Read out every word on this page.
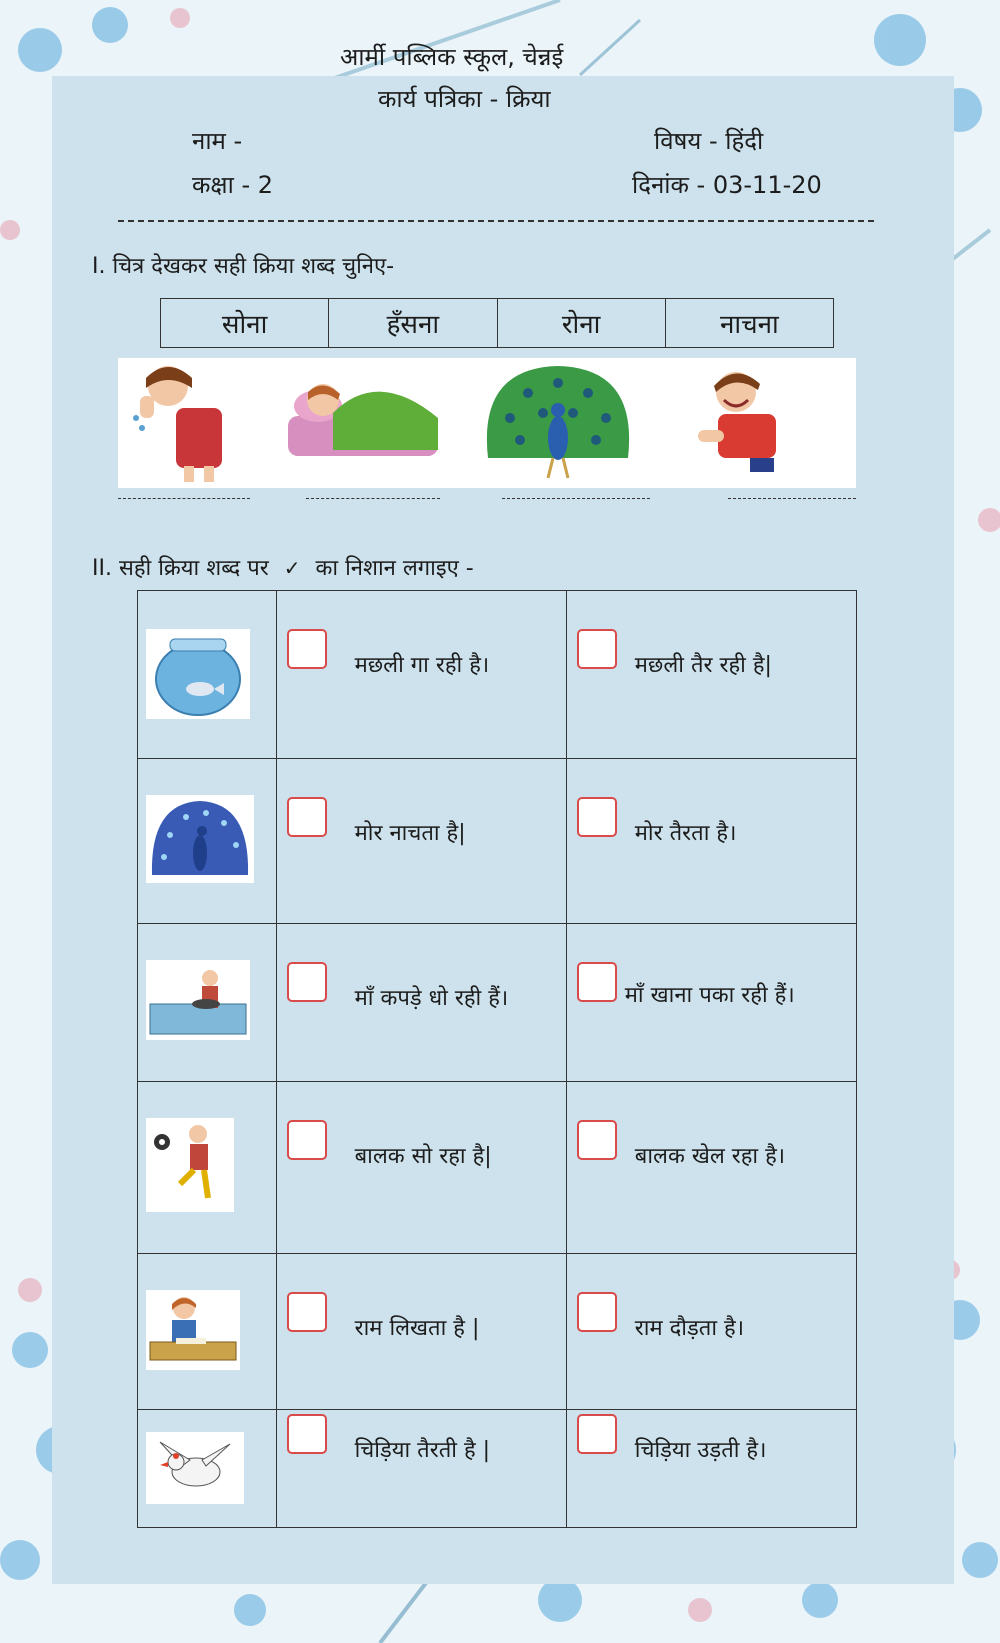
आर्मी पब्लिक स्कूल, चेन्नई
कार्य पत्रिका - क्रिया
नाम -
कक्षा - 2
विषय - हिंदी
दिनांक - 03-11-20
I. चित्र देखकर सही क्रिया शब्द चुनिए-
सोना	हँसना	रोना	नाचना
II. सही क्रिया शब्द पर ✓ का निशान लगाइए -

मछली गा रही है।	मछली तैर रही है|

मोर नाचता है|	मोर तैरता है।

माँ कपड़े धो रही हैं।	माँ खाना पका रही हैं।

बालक सो रहा है|	बालक खेल रहा है।

राम लिखता है |	राम दौड़ता है।

चिड़िया तैरती है |	चिड़िया उड़ती है।
